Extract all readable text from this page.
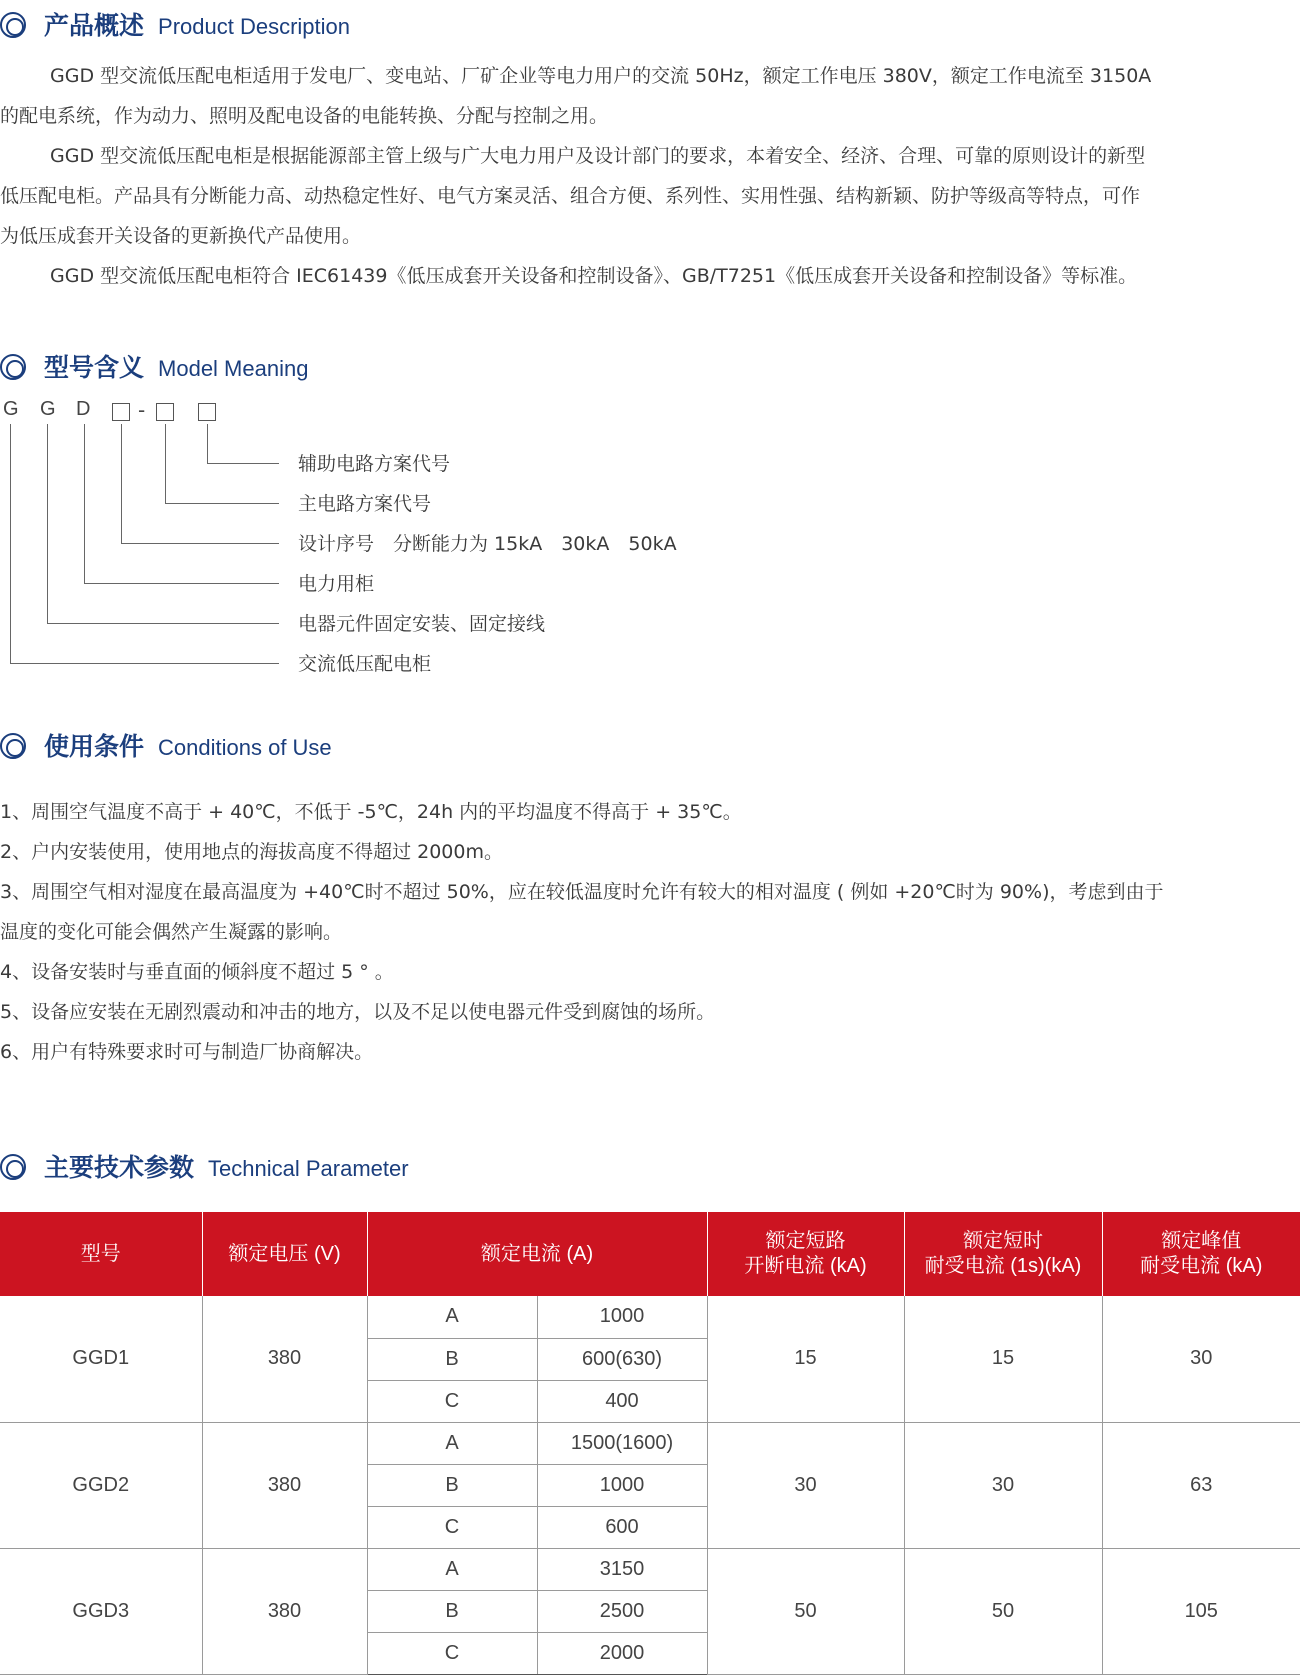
产品概述 Product Description
GGD 型交流低压配电柜适用于发电厂、变电站、厂矿企业等电力用户的交流 50Hz，额定工作电压 380V，额定工作电流至 3150A
的配电系统，作为动力、照明及配电设备的电能转换、分配与控制之用。
GGD 型交流低压配电柜是根据能源部主管上级与广大电力用户及设计部门的要求，本着安全、经济、合理、可靠的原则设计的新型
低压配电柜。产品具有分断能力高、动热稳定性好、电气方案灵活、组合方便、系列性、实用性强、结构新颖、防护等级高等特点，可作
为低压成套开关设备的更新换代产品使用。
GGD 型交流低压配电柜符合 IEC61439《低压成套开关设备和控制设备》、GB/T7251《低压成套开关设备和控制设备》等标准。
型号含义 Model Meaning
G G D -
辅助电路方案代号
主电路方案代号
设计序号　分断能力为 15kA　30kA　50kA
电力用柜
电器元件固定安装、固定接线
交流低压配电柜
使用条件 Conditions of Use
1、周围空气温度不高于 + 40℃，不低于 -5℃，24h 内的平均温度不得高于 + 35℃。
2、户内安装使用，使用地点的海拔高度不得超过 2000m。
3、周围空气相对湿度在最高温度为 +40℃时不超过 50%，应在较低温度时允许有较大的相对温度 ( 例如 +20℃时为 90%)，考虑到由于
温度的变化可能会偶然产生凝露的影响。
4、设备安装时与垂直面的倾斜度不超过 5 ° 。
5、设备应安装在无剧烈震动和冲击的地方，以及不足以使电器元件受到腐蚀的场所。
6、用户有特殊要求时可与制造厂协商解决。
主要技术参数 Technical Parameter
型号	额定电压 (V)	额定电流 (A)		额定短路
开断电流 (kA)	额定短时
耐受电流 (1s)(kA)	额定峰值
耐受电流 (kA)
GGD1	380	A	1000	15	15	30
		B	600(630)			
		C	400			
GGD2	380	A	1500(1600)	30	30	63
		B	1000			
		C	600			
GGD3	380	A	3150	50	50	105
		B	2500			
		C	2000			
